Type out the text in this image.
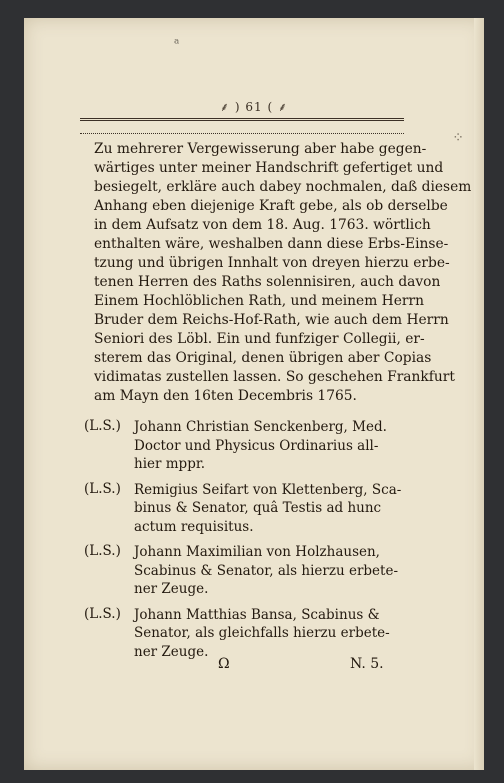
ᵃ
⁘
⸙ ) 61 ( ⸙
Zu mehrerer Vergewisserung aber habe gegen-
wärtiges unter meiner Handschrift gefertiget und
besiegelt, erkläre auch dabey nochmalen, daß diesem
Anhang eben diejenige Kraft gebe, als ob derselbe
in dem Aufsatz von dem 18. Aug. 1763. wörtlich
enthalten wäre, weshalben dann diese Erbs-Einse-
tzung und übrigen Innhalt von dreyen hierzu erbe-
tenen Herren des Raths solennisiren, auch davon
Einem Hochlöblichen Rath, und meinem Herrn
Bruder dem Reichs-Hof-Rath, wie auch dem Herrn
Seniori des Löbl. Ein und funfziger Collegii, er-
sterem das Original, denen übrigen aber Copias
vidimatas zustellen lassen. So geschehen Frankfurt
am Mayn den 16ten Decembris 1765.
(L.S.) Johann Christian Senckenberg, Med.
Doctor und Physicus Ordinarius all-
hier mppr.
(L.S.) Remigius Seifart von Klettenberg, Sca-
binus & Senator, quâ Testis ad hunc
actum requisitus.
(L.S.) Johann Maximilian von Holzhausen,
Scabinus & Senator, als hierzu erbete-
ner Zeuge.
(L.S.) Johann Matthias Bansa, Scabinus &
Senator, als gleichfalls hierzu erbete-
ner Zeuge.
Ω	N. 5.
